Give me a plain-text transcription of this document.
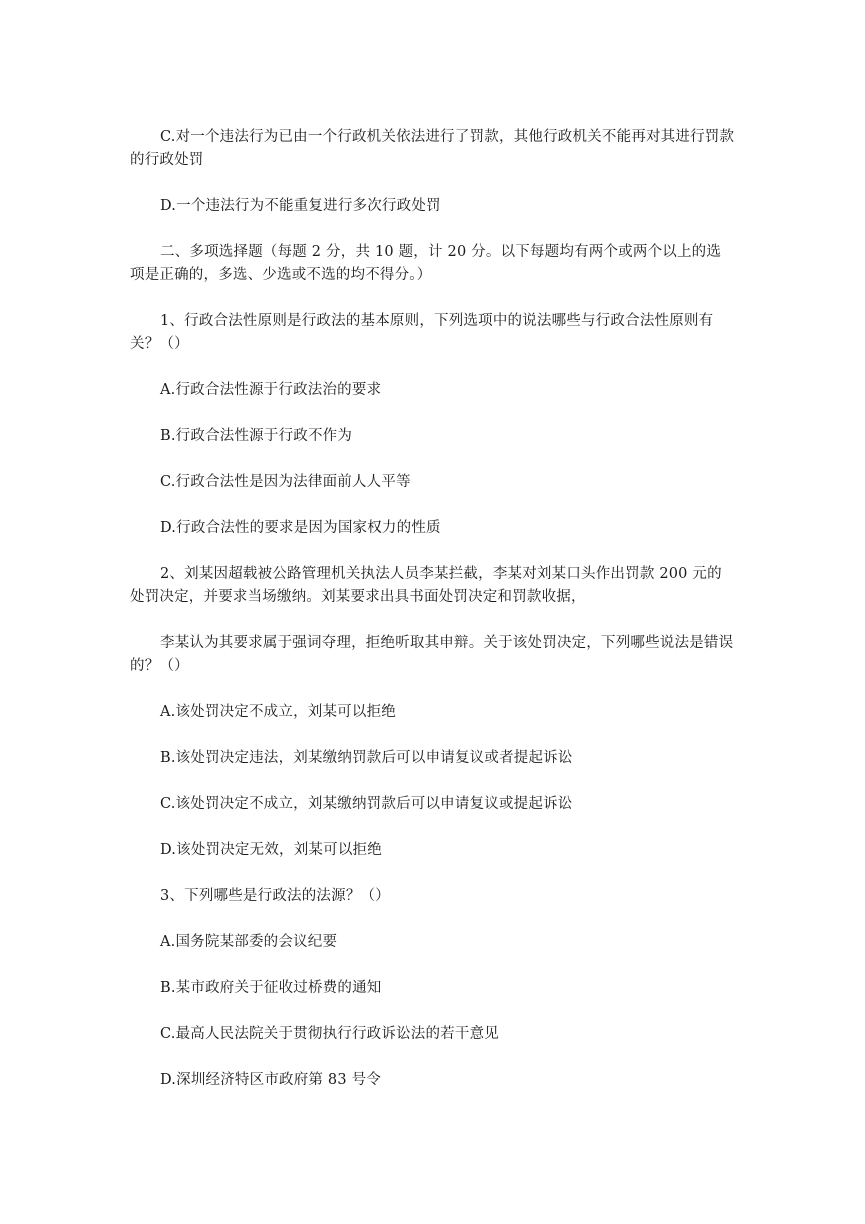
C.对一个违法行为已由一个行政机关依法进行了罚款，其他行政机关不能再对其进行罚款的行政处罚

D.一个违法行为不能重复进行多次行政处罚

二、多项选择题（每题 2 分，共 10 题，计 20 分。以下每题均有两个或两个以上的选项是正确的，多选、少选或不选的均不得分。）

1、行政合法性原则是行政法的基本原则，下列选项中的说法哪些与行政合法性原则有关？（）

A.行政合法性源于行政法治的要求

B.行政合法性源于行政不作为

C.行政合法性是因为法律面前人人平等

D.行政合法性的要求是因为国家权力的性质

2、刘某因超载被公路管理机关执法人员李某拦截，李某对刘某口头作出罚款 200 元的处罚决定，并要求当场缴纳。刘某要求出具书面处罚决定和罚款收据，

李某认为其要求属于强词夺理，拒绝听取其申辩。关于该处罚决定，下列哪些说法是错误的？（）

A.该处罚决定不成立，刘某可以拒绝

B.该处罚决定违法，刘某缴纳罚款后可以申请复议或者提起诉讼

C.该处罚决定不成立，刘某缴纳罚款后可以申请复议或提起诉讼

D.该处罚决定无效，刘某可以拒绝

3、下列哪些是行政法的法源？（）

A.国务院某部委的会议纪要

B.某市政府关于征收过桥费的通知

C.最高人民法院关于贯彻执行行政诉讼法的若干意见

D.深圳经济特区市政府第 83 号令
